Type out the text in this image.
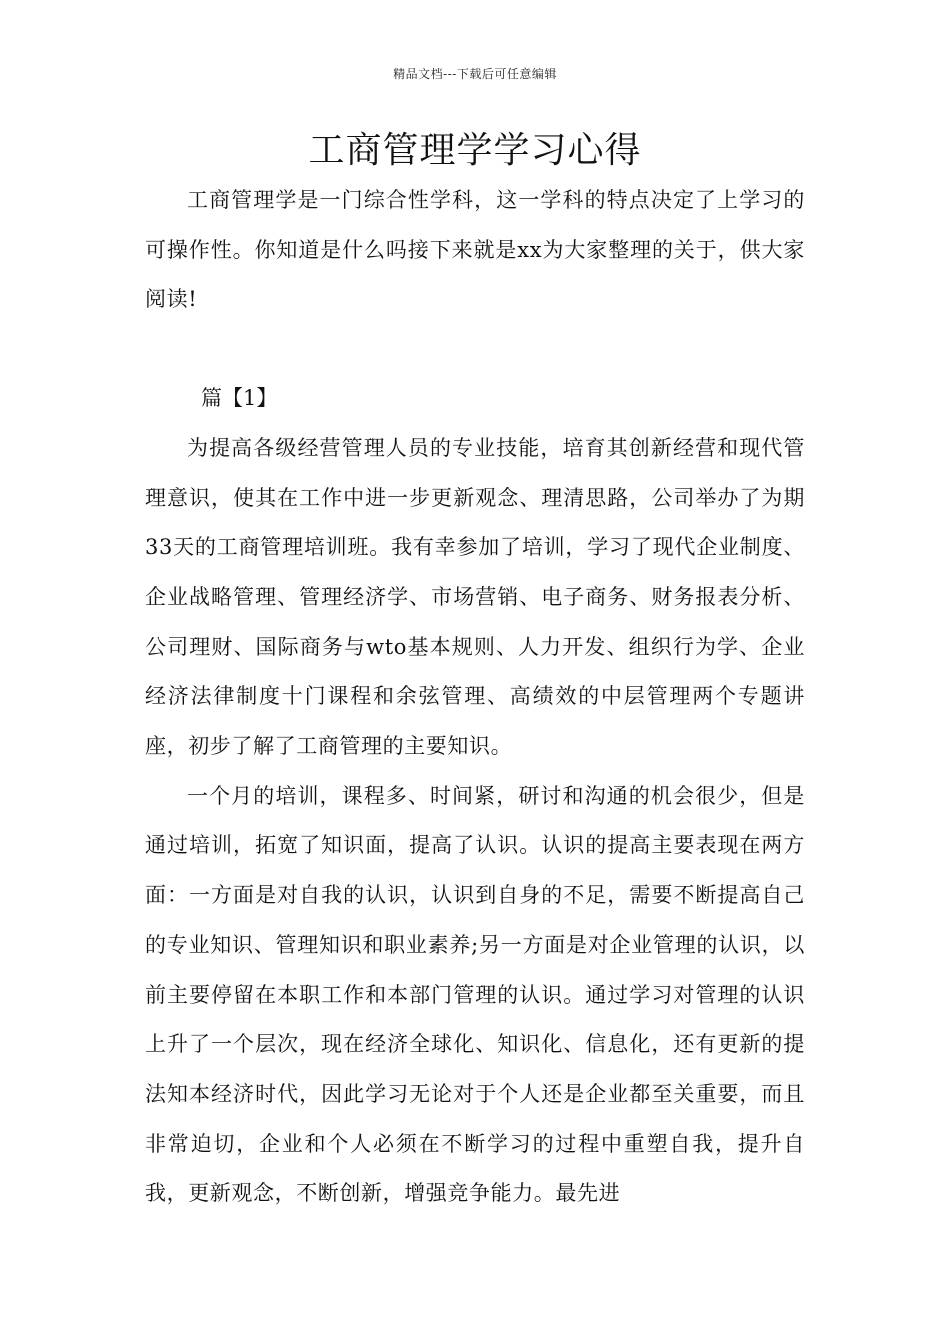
精品文档---下载后可任意编辑
工商管理学学习心得

工商管理学是一门综合性学科，这一学科的特点决定了上学习的可操作性。你知道是什么吗接下来就是xx为大家整理的关于，供大家阅读!

篇【1】

为提高各级经营管理人员的专业技能，培育其创新经营和现代管理意识，使其在工作中进一步更新观念、理清思路，公司举办了为期33天的工商管理培训班。我有幸参加了培训，学习了现代企业制度、企业战略管理、管理经济学、市场营销、电子商务、财务报表分析、公司理财、国际商务与wto基本规则、人力开发、组织行为学、企业经济法律制度十门课程和余弦管理、高绩效的中层管理两个专题讲座，初步了解了工商管理的主要知识。

一个月的培训，课程多、时间紧，研讨和沟通的机会很少，但是通过培训，拓宽了知识面，提高了认识。认识的提高主要表现在两方面：一方面是对自我的认识，认识到自身的不足，需要不断提高自己的专业知识、管理知识和职业素养;另一方面是对企业管理的认识，以前主要停留在本职工作和本部门管理的认识。通过学习对管理的认识上升了一个层次，现在经济全球化、知识化、信息化，还有更新的提法知本经济时代，因此学习无论对于个人还是企业都至关重要，而且非常迫切，企业和个人必须在不断学习的过程中重塑自我，提升自我，更新观念，不断创新，增强竞争能力。最先进
